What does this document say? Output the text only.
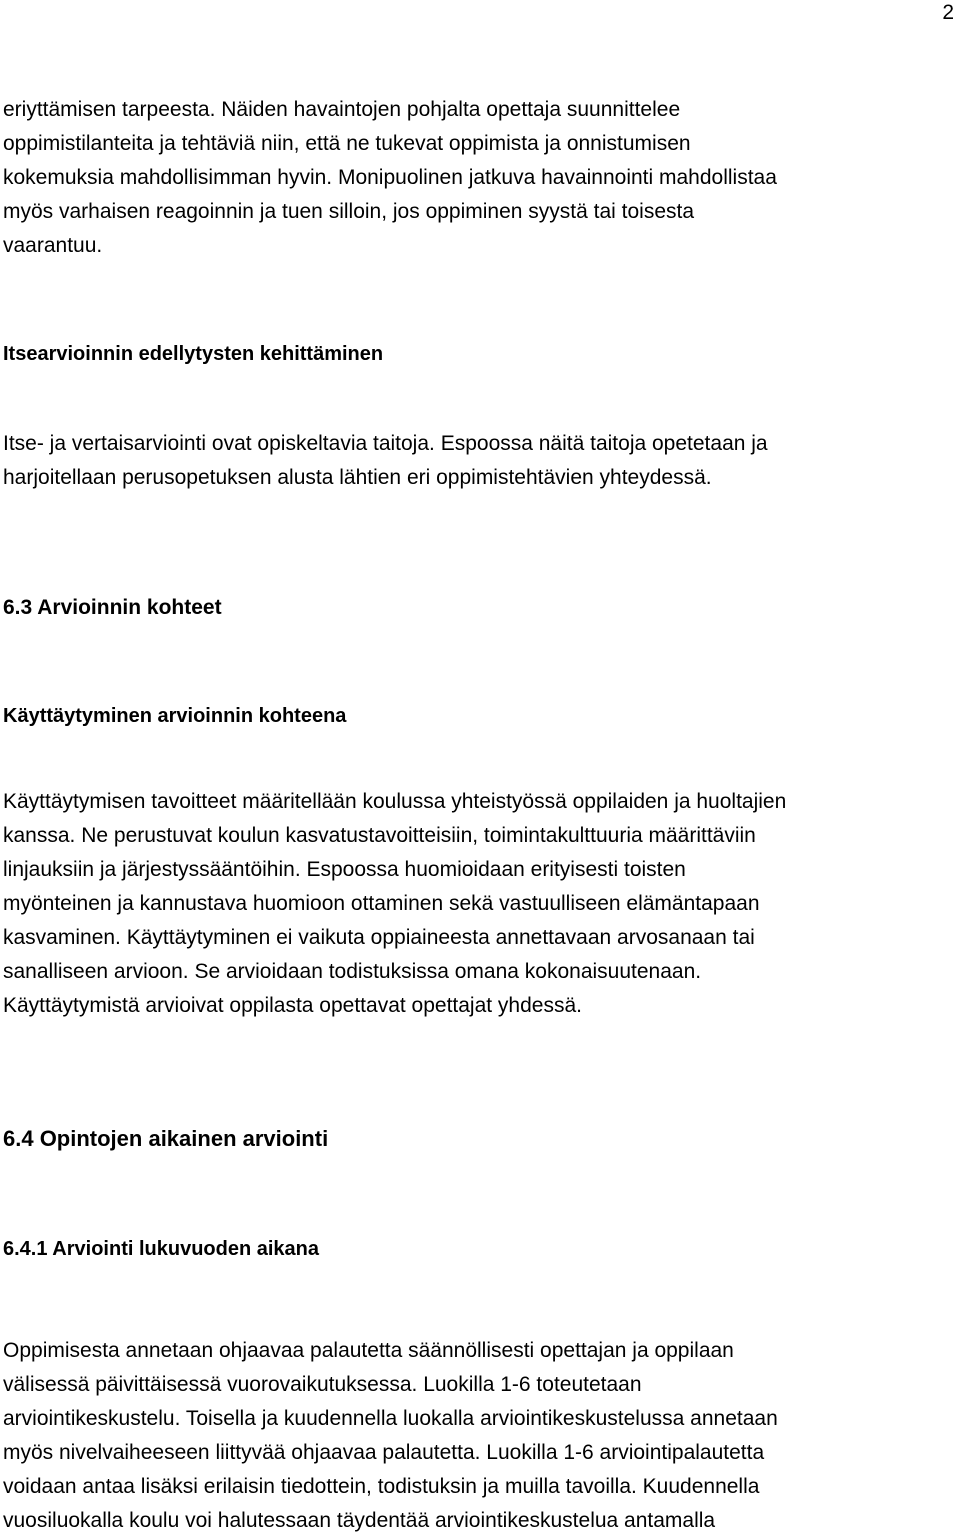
2
eriyttämisen tarpeesta. Näiden havaintojen pohjalta opettaja suunnittelee
oppimistilanteita ja tehtäviä niin, että ne tukevat oppimista ja onnistumisen
kokemuksia mahdollisimman hyvin. Monipuolinen jatkuva havainnointi mahdollistaa
myös varhaisen reagoinnin ja tuen silloin, jos oppiminen syystä tai toisesta
vaarantuu.
Itsearvioinnin edellytysten kehittäminen
Itse- ja vertaisarviointi ovat opiskeltavia taitoja. Espoossa näitä taitoja opetetaan ja
harjoitellaan perusopetuksen alusta lähtien eri oppimistehtävien yhteydessä.
6.3 Arvioinnin kohteet
Käyttäytyminen arvioinnin kohteena
Käyttäytymisen tavoitteet määritellään koulussa yhteistyössä oppilaiden ja huoltajien
kanssa. Ne perustuvat koulun kasvatustavoitteisiin, toimintakulttuuria määrittäviin
linjauksiin ja järjestyssääntöihin. Espoossa huomioidaan erityisesti toisten
myönteinen ja kannustava huomioon ottaminen sekä vastuulliseen elämäntapaan
kasvaminen. Käyttäytyminen ei vaikuta oppiaineesta annettavaan arvosanaan tai
sanalliseen arvioon. Se arvioidaan todistuksissa omana kokonaisuutenaan.
Käyttäytymistä arvioivat oppilasta opettavat opettajat yhdessä.
6.4 Opintojen aikainen arviointi
6.4.1 Arviointi lukuvuoden aikana
Oppimisesta annetaan ohjaavaa palautetta säännöllisesti opettajan ja oppilaan
välisessä päivittäisessä vuorovaikutuksessa. Luokilla 1-6 toteutetaan
arviointikeskustelu. Toisella ja kuudennella luokalla arviointikeskustelussa annetaan
myös nivelvaiheeseen liittyvää ohjaavaa palautetta. Luokilla 1-6 arviointipalautetta
voidaan antaa lisäksi erilaisin tiedottein, todistuksin ja muilla tavoilla. Kuudennella
vuosiluokalla koulu voi halutessaan täydentää arviointikeskustelua antamalla
